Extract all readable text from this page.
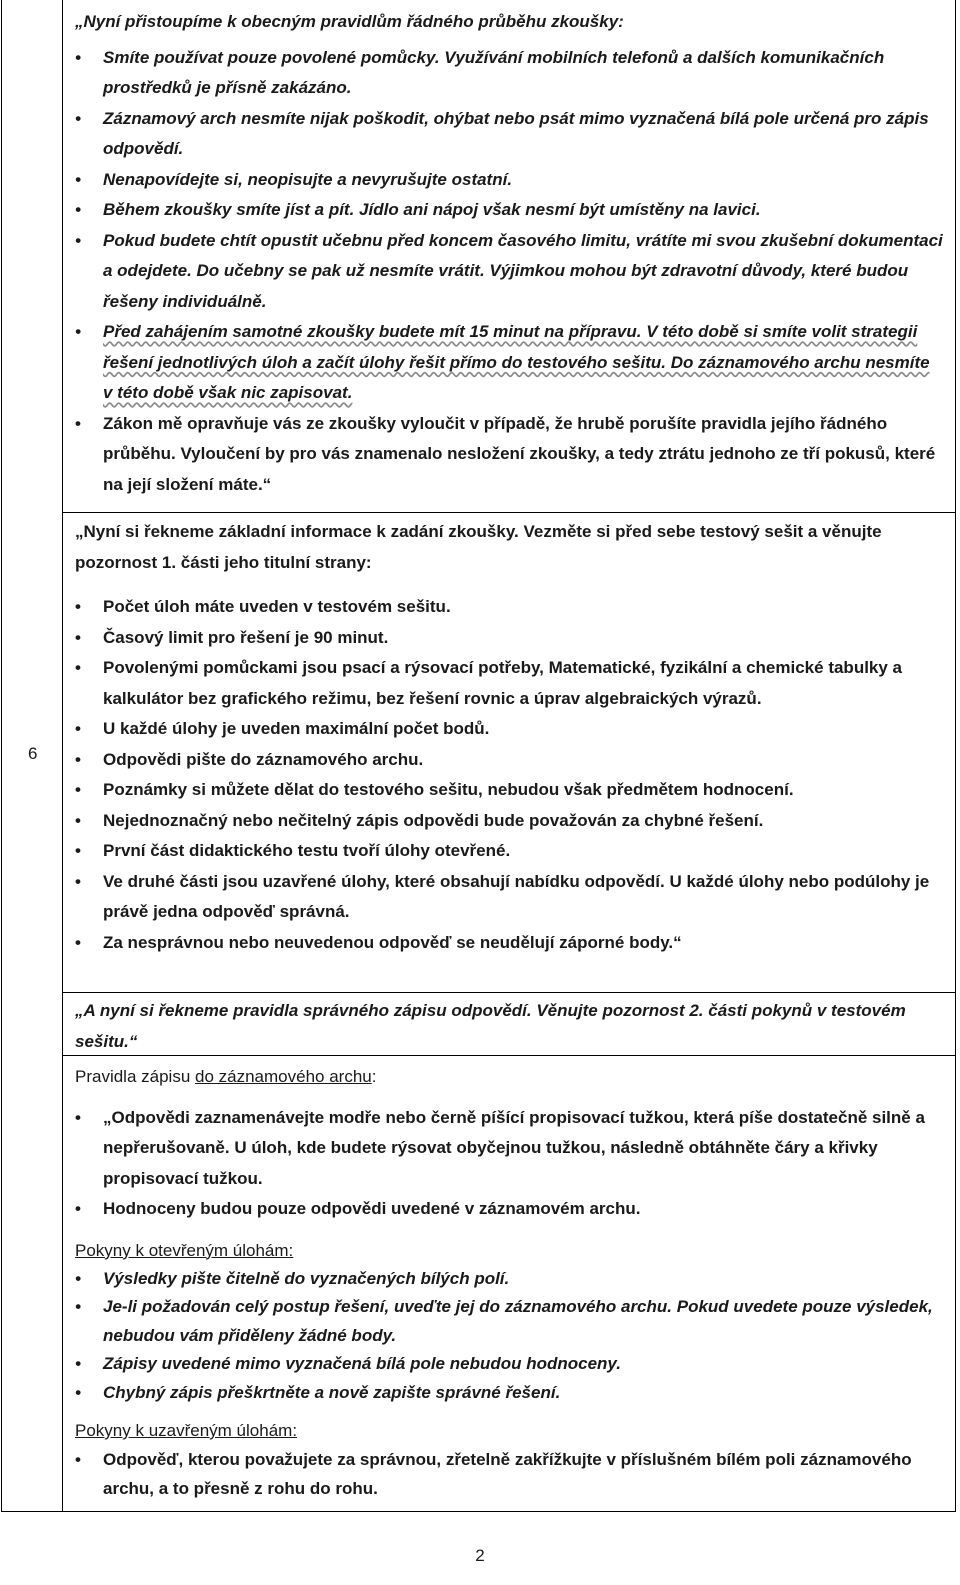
6

„Nyní přistoupíme k obecným pravidlům řádného průběhu zkoušky:

• Smíte používat pouze povolené pomůcky. Využívání mobilních telefonů a dalších komunikačních prostředků je přísně zakázáno.
• Záznamový arch nesmíte nijak poškodit, ohýbat nebo psát mimo vyznačená bílá pole určená pro zápis odpovědí.
• Nenapovídejte si, neopisujte a nevyrušujte ostatní.
• Během zkoušky smíte jíst a pít. Jídlo ani nápoj však nesmí být umístěny na lavici.
• Pokud budete chtít opustit učebnu před koncem časového limitu, vrátíte mi svou zkušební dokumentaci a odejdete. Do učebny se pak už nesmíte vrátit. Výjimkou mohou být zdravotní důvody, které budou řešeny individuálně.
• Před zahájením samotné zkoušky budete mít 15 minut na přípravu. V této době si smíte volit strategii řešení jednotlivých úloh a začít úlohy řešit přímo do testového sešitu. Do záznamového archu nesmíte v této době však nic zapisovat.
• Zákon mě opravňuje vás ze zkoušky vyloučit v případě, že hrubě porušíte pravidla jejího řádného průběhu. Vyloučení by pro vás znamenalo nesložení zkoušky, a tedy ztrátu jednoho ze tří pokusů, které na její složení máte.“

„Nyní si řekneme základní informace k zadání zkoušky. Vezměte si před sebe testový sešit a věnujte pozornost 1. části jeho titulní strany:

• Počet úloh máte uveden v testovém sešitu.
• Časový limit pro řešení je 90 minut.
• Povolenými pomůckami jsou psací a rýsovací potřeby, Matematické, fyzikální a chemické tabulky a kalkulátor bez grafického režimu, bez řešení rovnic a úprav algebraických výrazů.
• U každé úlohy je uveden maximální počet bodů.
• Odpovědi pište do záznamového archu.
• Poznámky si můžete dělat do testového sešitu, nebudou však předmětem hodnocení.
• Nejednoznačný nebo nečitelný zápis odpovědi bude považován za chybné řešení.
• První část didaktického testu tvoří úlohy otevřené.
• Ve druhé části jsou uzavřené úlohy, které obsahují nabídku odpovědí. U každé úlohy nebo podúlohy je právě jedna odpověď správná.
• Za nesprávnou nebo neuvedenou odpověď se neudělují záporné body.“

„A nyní si řekneme pravidla správného zápisu odpovědí. Věnujte pozornost 2. části pokynů v testovém sešitu.“

Pravidla zápisu do záznamového archu:

• „Odpovědi zaznamenávejte modře nebo černě píšící propisovací tužkou, která píše dostatečně silně a nepřerušovaně. U úloh, kde budete rýsovat obyčejnou tužkou, následně obtáhněte čáry a křivky propisovací tužkou.
• Hodnoceny budou pouze odpovědi uvedené v záznamovém archu.

Pokyny k otevřeným úlohám:

• Výsledky pište čitelně do vyznačených bílých polí.
• Je-li požadován celý postup řešení, uveďte jej do záznamového archu. Pokud uvedete pouze výsledek, nebudou vám přiděleny žádné body.
• Zápisy uvedené mimo vyznačená bílá pole nebudou hodnoceny.
• Chybný zápis přeškrtněte a nově zapište správné řešení.

Pokyny k uzavřeným úlohám:

• Odpověď, kterou považujete za správnou, zřetelně zakřížkujte v příslušném bílém poli záznamového archu, a to přesně z rohu do rohu.
2
